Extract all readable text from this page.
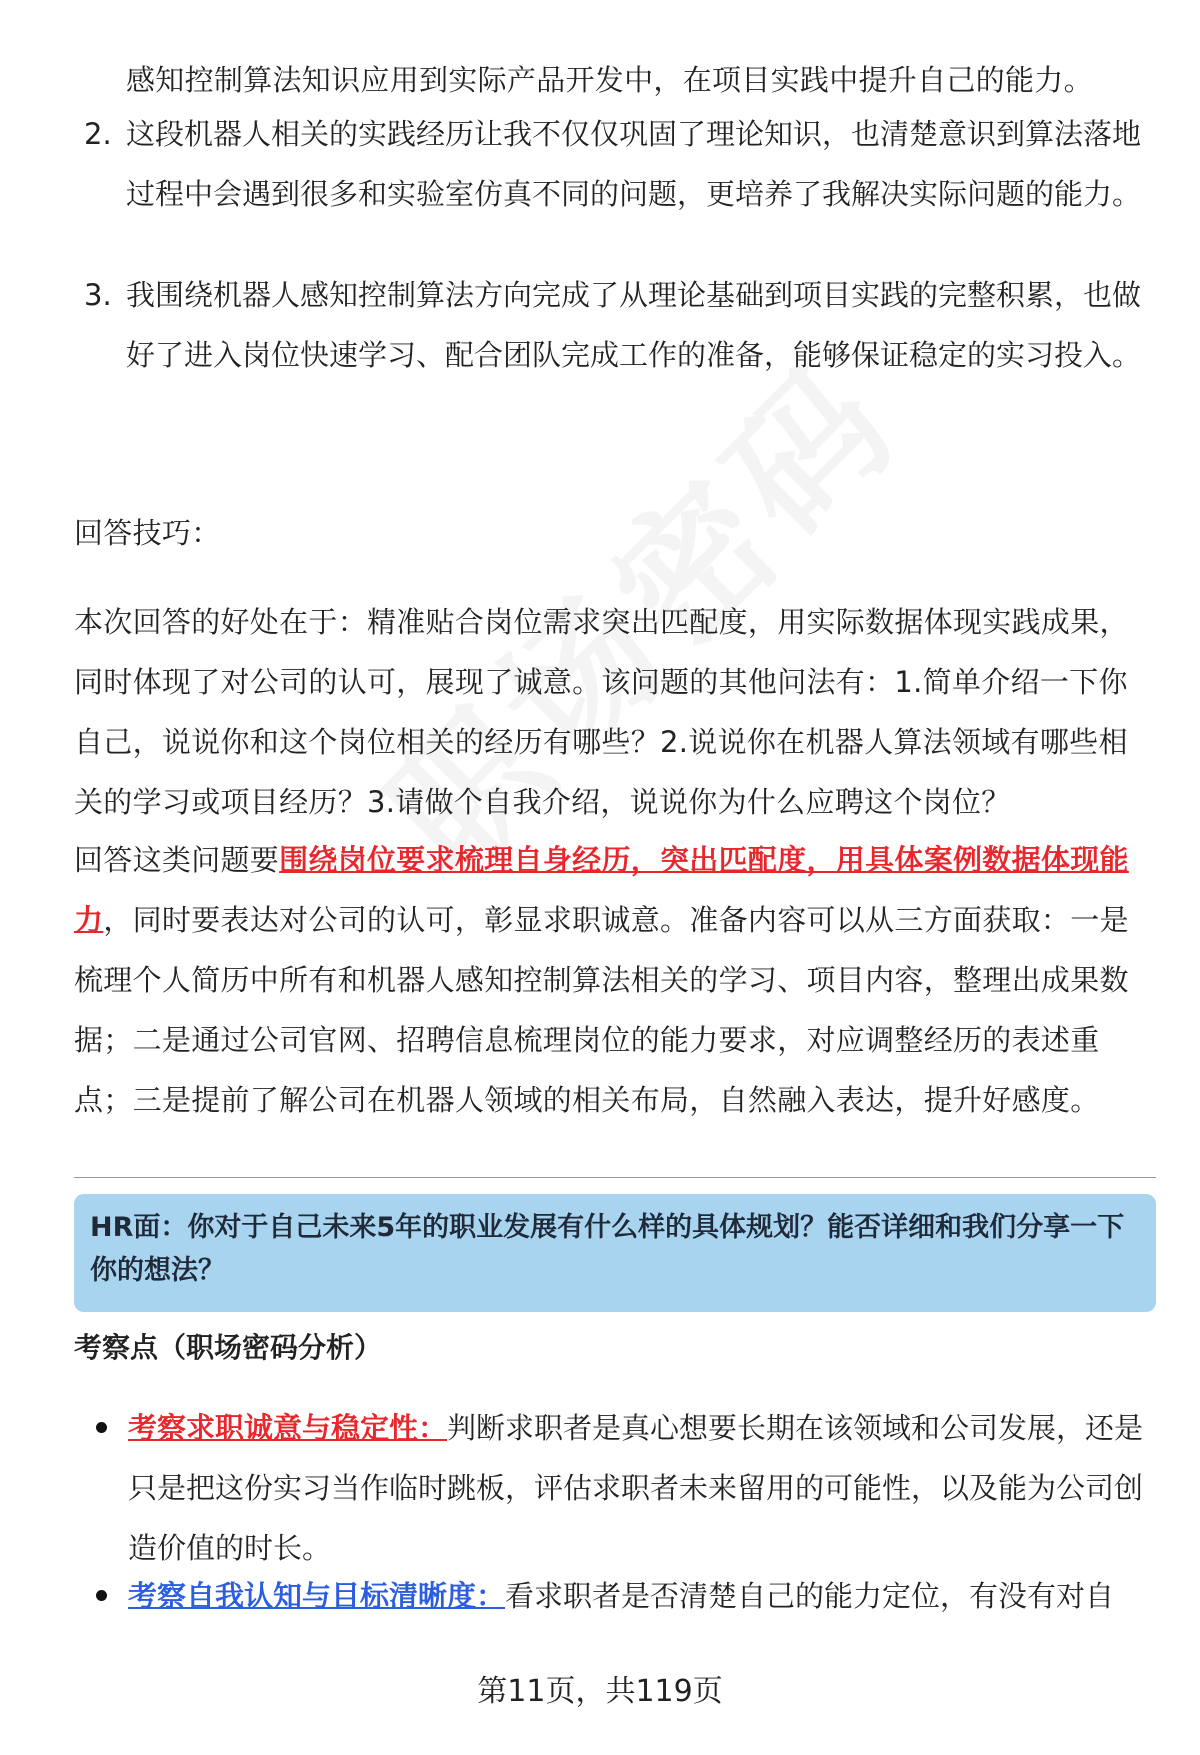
感知控制算法知识应用到实际产品开发中，在项目实践中提升自己的能力。
2. 这段机器人相关的实践经历让我不仅仅巩固了理论知识，也清楚意识到算法落地过程中会遇到很多和实验室仿真不同的问题，更培养了我解决实际问题的能力。
3. 我围绕机器人感知控制算法方向完成了从理论基础到项目实践的完整积累，也做好了进入岗位快速学习、配合团队完成工作的准备，能够保证稳定的实习投入。
回答技巧：
本次回答的好处在于：精准贴合岗位需求突出匹配度，用实际数据体现实践成果，同时体现了对公司的认可，展现了诚意。该问题的其他问法有：1.简单介绍一下你自己，说说你和这个岗位相关的经历有哪些？2.说说你在机器人算法领域有哪些相关的学习或项目经历？3.请做个自我介绍，说说你为什么应聘这个岗位？
回答这类问题要围绕岗位要求梳理自身经历，突出匹配度，用具体案例数据体现能力，同时要表达对公司的认可，彰显求职诚意。准备内容可以从三方面获取：一是梳理个人简历中所有和机器人感知控制算法相关的学习、项目内容，整理出成果数据；二是通过公司官网、招聘信息梳理岗位的能力要求，对应调整经历的表述重点；三是提前了解公司在机器人领域的相关布局，自然融入表达，提升好感度。
HR面：你对于自己未来5年的职业发展有什么样的具体规划？能否详细和我们分享一下你的想法？
考察点（职场密码分析）
考察求职诚意与稳定性：判断求职者是真心想要长期在该领域和公司发展，还是只是把这份实习当作临时跳板，评估求职者未来留用的可能性，以及能为公司创造价值的时长。
考察自我认知与目标清晰度：看求职者是否清楚自己的能力定位，有没有对自
第11页，共119页
